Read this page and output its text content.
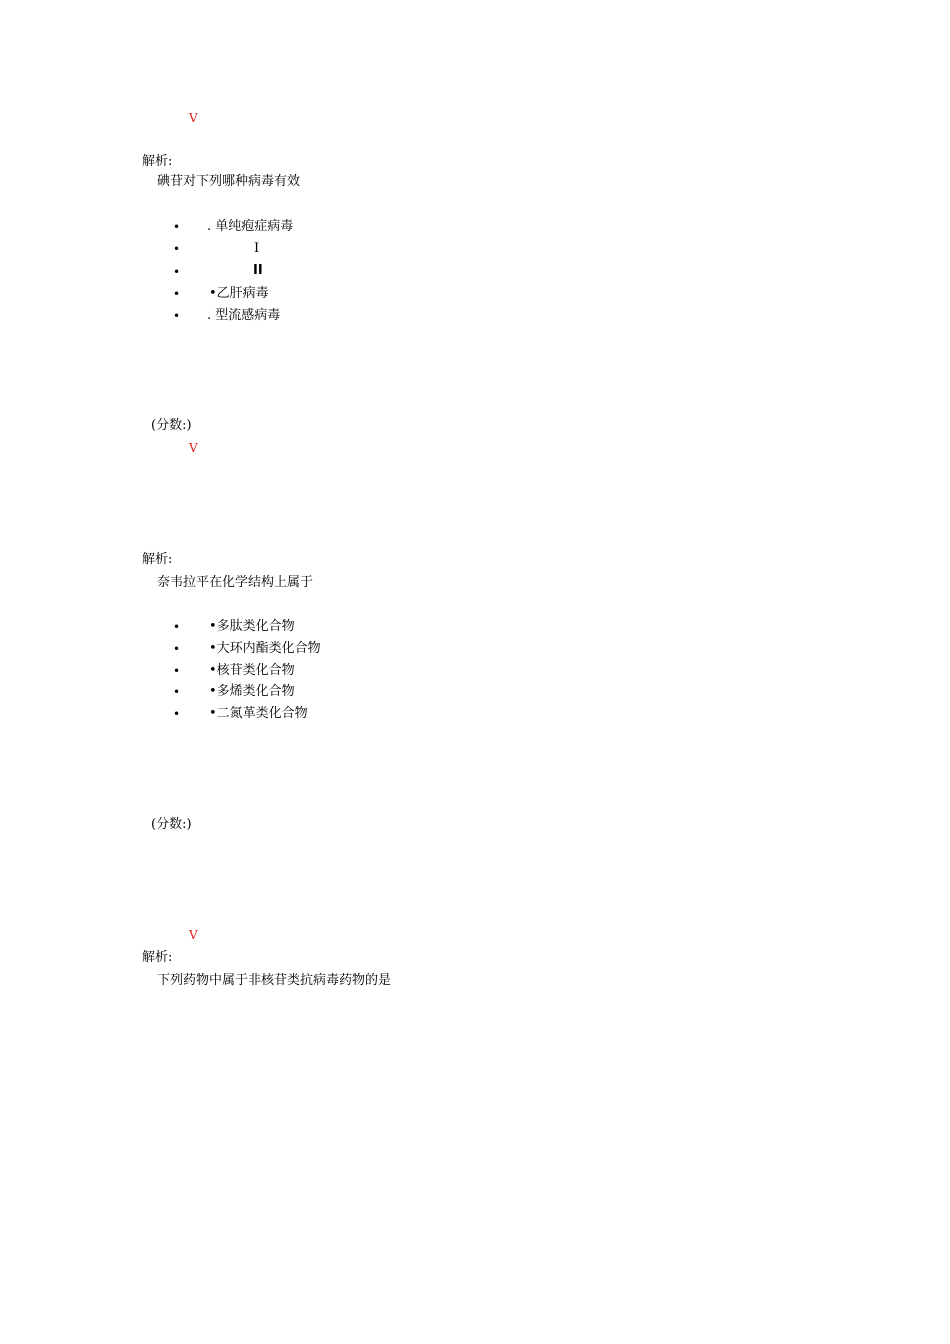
V
解析:
碘苷对下列哪种病毒有效
• . 单纯疱症病毒
•	I
•	II
• •乙肝病毒
• . 型流感病毒
(分数:)
V
解析:
奈韦拉平在化学结构上属于
• •多肽类化合物
• •大环内酯类化合物
• •核苷类化合物
• •多烯类化合物
• •二氮革类化合物
(分数:)
V
解析:
下列药物中属于非核苷类抗病毒药物的是
